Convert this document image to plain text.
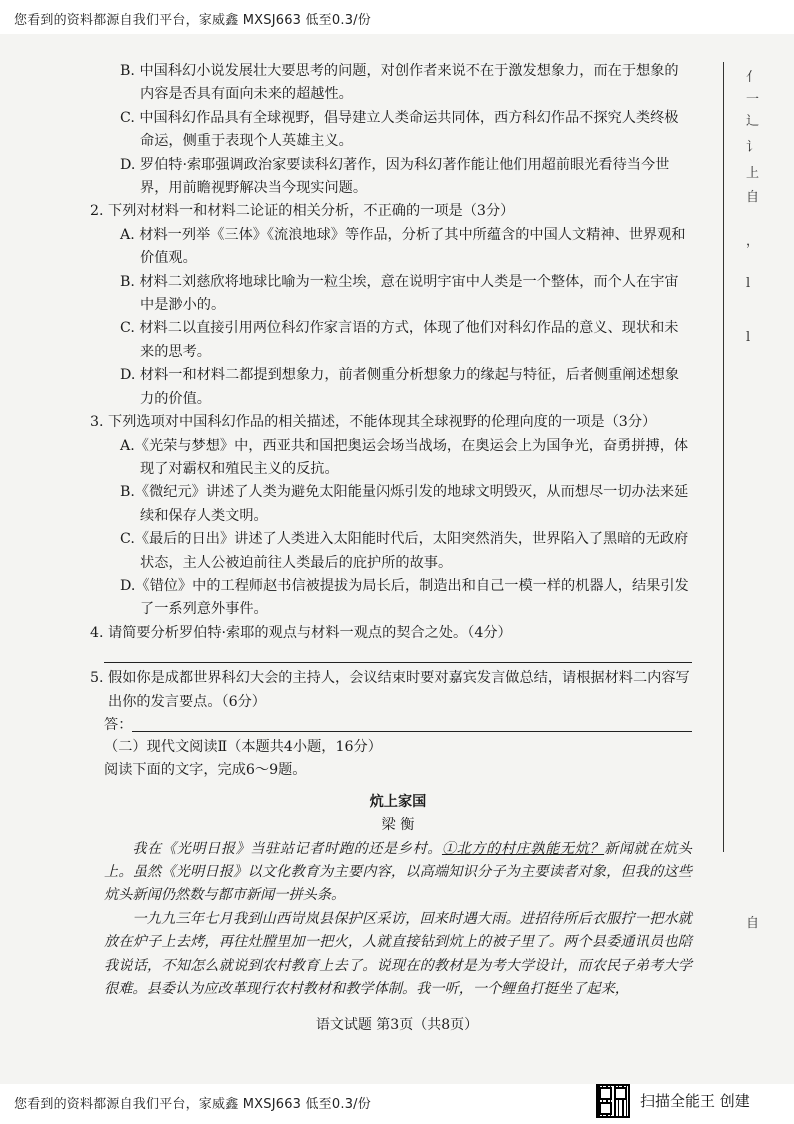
您看到的资料都源自我们平台，家威鑫 MXSJ663 低至0.3/份
亻
一
辶
讠
上
自
，
l
l
自

B. 中国科幻小说发展壮大要思考的问题，对创作者来说不在于激发想象力，而在于想象的内容是否具有面向未来的超越性。

C. 中国科幻作品具有全球视野，倡导建立人类命运共同体，西方科幻作品不探究人类终极命运，侧重于表现个人英雄主义。

D. 罗伯特·索耶强调政治家要读科幻著作，因为科幻著作能让他们用超前眼光看待当今世界，用前瞻视野解决当今现实问题。

2. 下列对材料一和材料二论证的相关分析，不正确的一项是（3分）

A. 材料一列举《三体》《流浪地球》等作品，分析了其中所蕴含的中国人文精神、世界观和价值观。

B. 材料二刘慈欣将地球比喻为一粒尘埃，意在说明宇宙中人类是一个整体，而个人在宇宙中是渺小的。

C. 材料二以直接引用两位科幻作家言语的方式，体现了他们对科幻作品的意义、现状和未来的思考。

D. 材料一和材料二都提到想象力，前者侧重分析想象力的缘起与特征，后者侧重阐述想象力的价值。

3. 下列选项对中国科幻作品的相关描述，不能体现其全球视野的伦理向度的一项是（3分）

A.《光荣与梦想》中，西亚共和国把奥运会场当战场，在奥运会上为国争光，奋勇拼搏，体现了对霸权和殖民主义的反抗。

B.《微纪元》讲述了人类为避免太阳能量闪烁引发的地球文明毁灭，从而想尽一切办法来延续和保存人类文明。

C.《最后的日出》讲述了人类进入太阳能时代后，太阳突然消失，世界陷入了黑暗的无政府状态，主人公被迫前往人类最后的庇护所的故事。

D.《错位》中的工程师赵书信被提拔为局长后，制造出和自己一模一样的机器人，结果引发了一系列意外事件。

4. 请简要分析罗伯特·索耶的观点与材料一观点的契合之处。（4分）

5. 假如你是成都世界科幻大会的主持人，会议结束时要对嘉宾发言做总结，请根据材料二内容写出你的发言要点。（6分）

答：

（二）现代文阅读Ⅱ（本题共4小题，16分）

阅读下面的文字，完成6～9题。

炕上家国

梁 衡

我在《光明日报》当驻站记者时跑的还是乡村。①北方的村庄孰能无炕？新闻就在炕头上。虽然《光明日报》以文化教育为主要内容，以高端知识分子为主要读者对象，但我的这些炕头新闻仍然数与都市新闻一拼头条。

一九九三年七月我到山西岢岚县保护区采访，回来时遇大雨。进招待所后衣服拧一把水就放在炉子上去烤，再往灶膛里加一把火，人就直接钻到炕上的被子里了。两个县委通讯员也陪我说话，不知怎么就说到农村教育上去了。说现在的教材是为考大学设计，而农民子弟考大学很难。县委认为应改革现行农村教材和教学体制。我一听，一个鲤鱼打挺坐了起来，

语文试题 第3页（共8页）
您看到的资料都源自我们平台，家威鑫 MXSJ663 低至0.3/份	扫描全能王 创建
